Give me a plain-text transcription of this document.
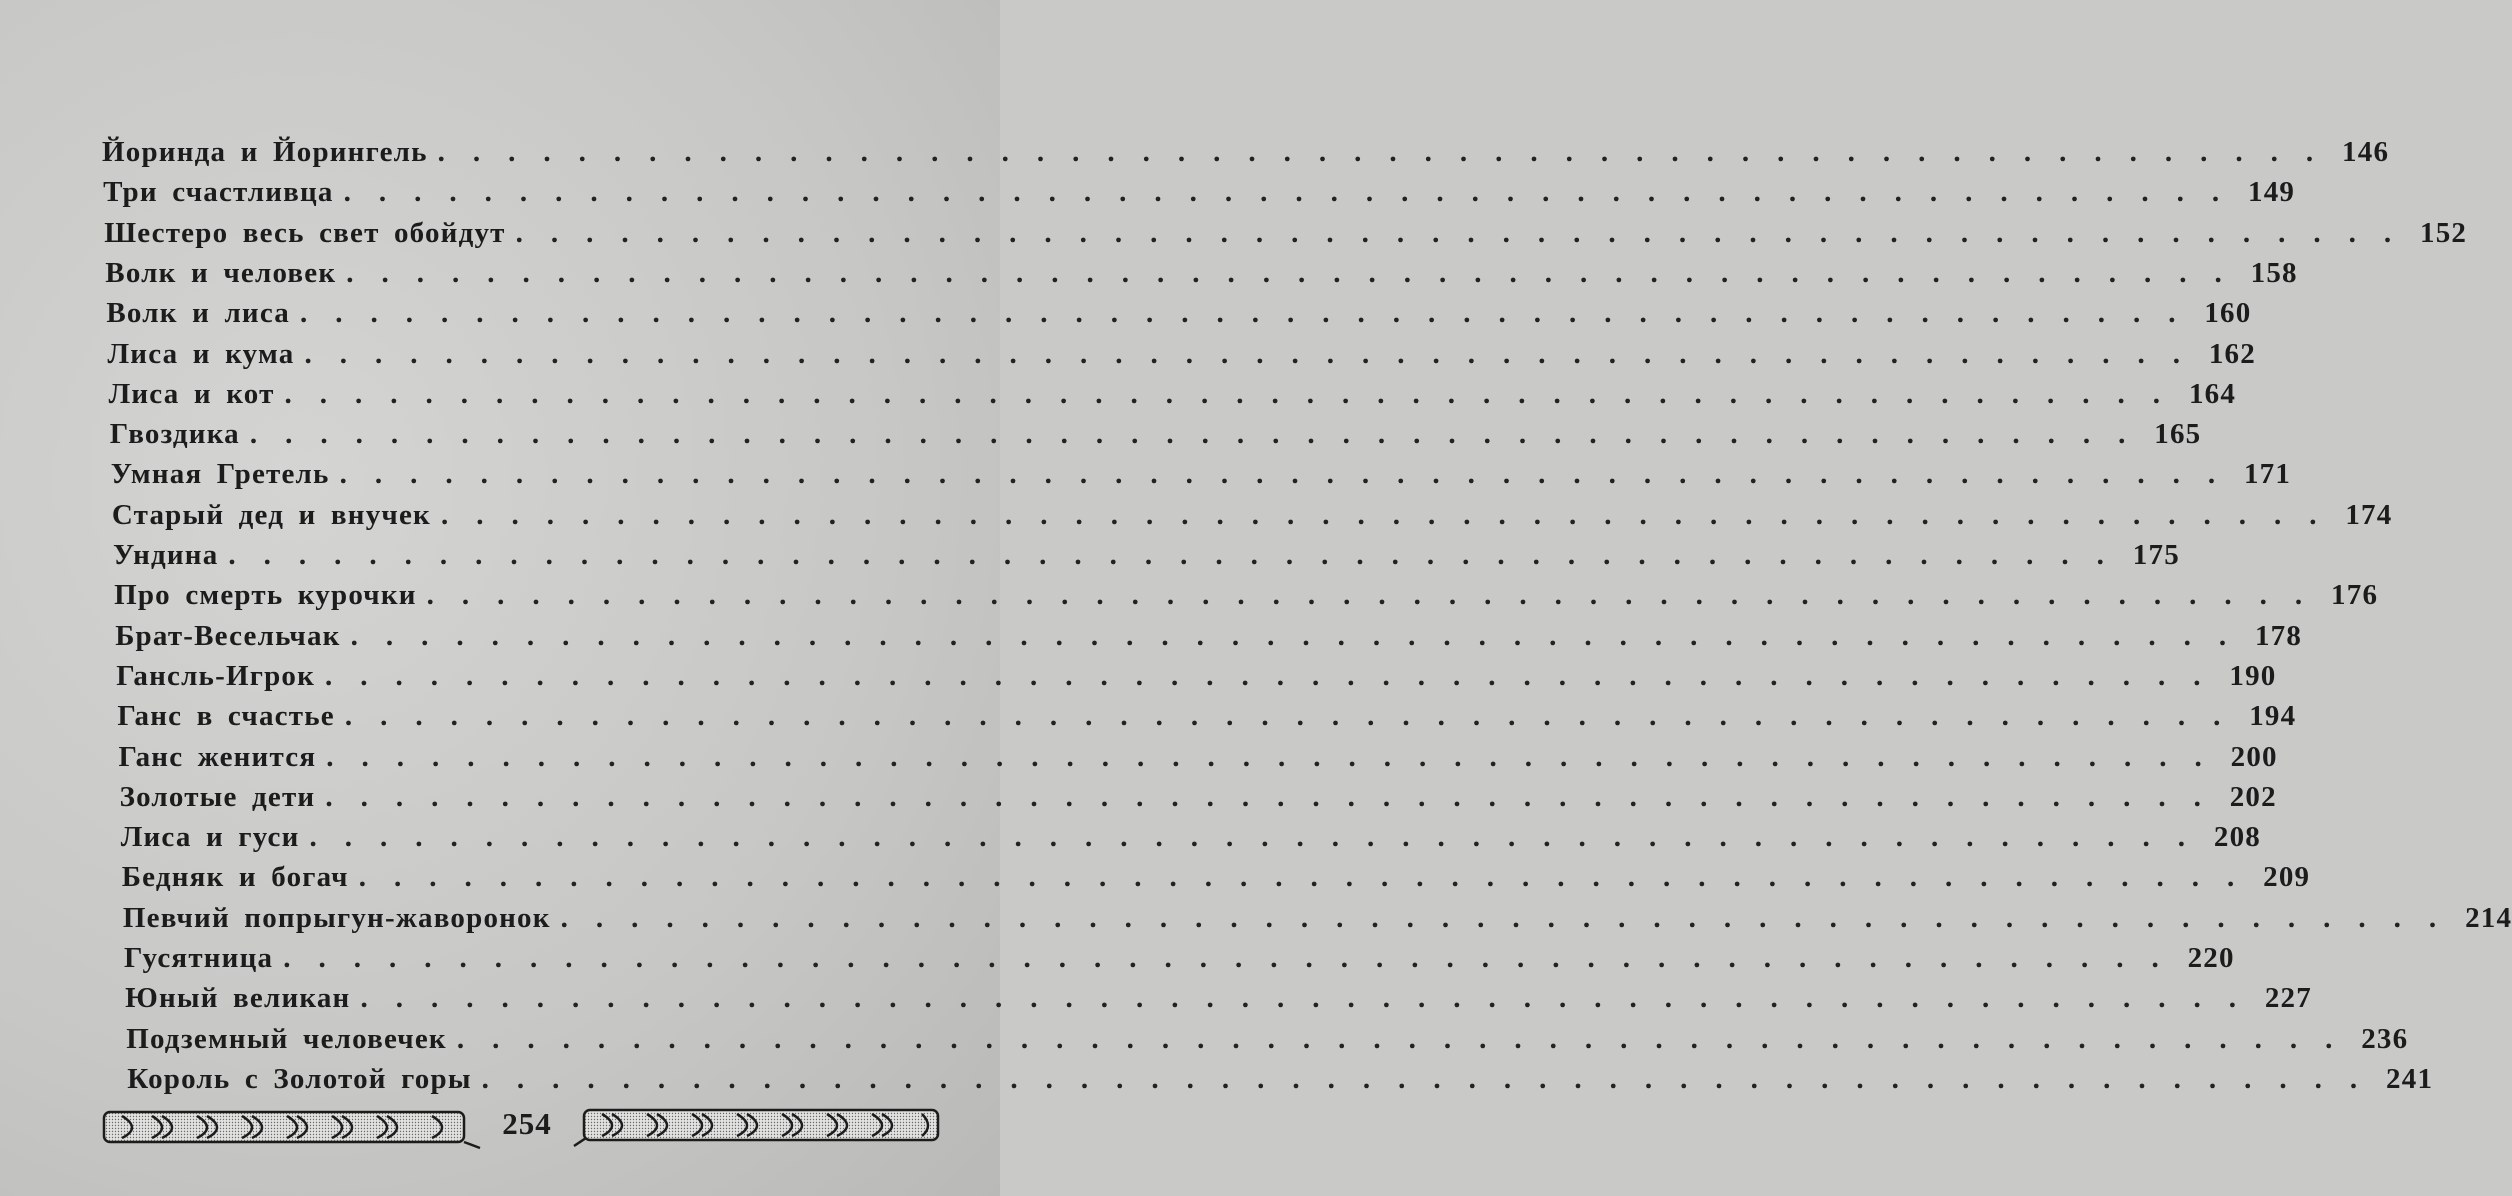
Йоринда и Йорингель ...................................................... 146
Три счастливца ...................................................... 149
Шестеро весь свет обойдут ...................................................... 152
Волк и человек ...................................................... 158
Волк и лиса ...................................................... 160
Лиса и кума ...................................................... 162
Лиса и кот ...................................................... 164
Гвоздика ...................................................... 165
Умная Гретель ...................................................... 171
Старый дед и внучек ...................................................... 174
Ундина ...................................................... 175
Про смерть курочки ...................................................... 176
Брат-Весельчак ...................................................... 178
Гансль-Игрок ...................................................... 190
Ганс в счастье ...................................................... 194
Ганс женится ...................................................... 200
Золотые дети ...................................................... 202
Лиса и гуси ...................................................... 208
Бедняк и богач ...................................................... 209
Певчий попрыгун-жаворонок ...................................................... 214
Гусятница ...................................................... 220
Юный великан ...................................................... 227
Подземный человечек ...................................................... 236
Король с Золотой горы ...................................................... 241
254
